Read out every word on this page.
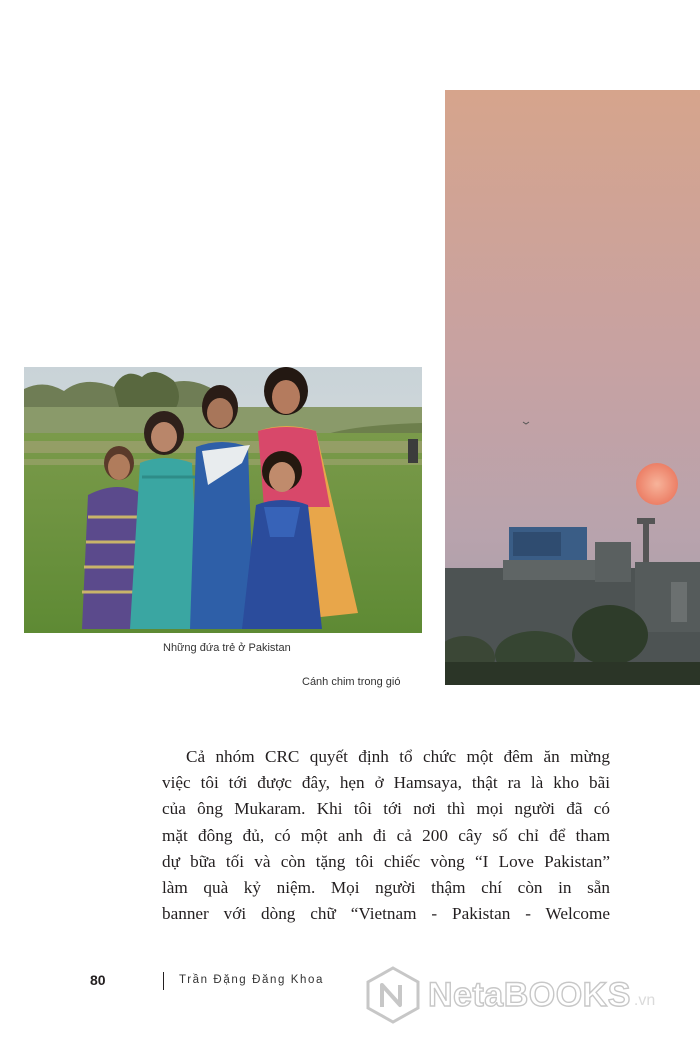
Những đứa trẻ ở Pakistan
Cánh chim trong gió
Cả nhóm CRC quyết định tổ chức một đêm ăn mừng
việc tôi tới được đây, hẹn ở Hamsaya, thật ra là kho bãi
của ông Mukaram. Khi tôi tới nơi thì mọi người đã có
mặt đông đủ, có một anh đi cả 200 cây số chỉ để tham
dự bữa tối và còn tặng tôi chiếc vòng “I Love Pakistan”
làm quà kỷ niệm. Mọi người thậm chí còn in sẵn
banner với dòng chữ “Vietnam - Pakistan - Welcome
80	Trần Đặng Đăng Khoa	NetaBOOKS .vn
